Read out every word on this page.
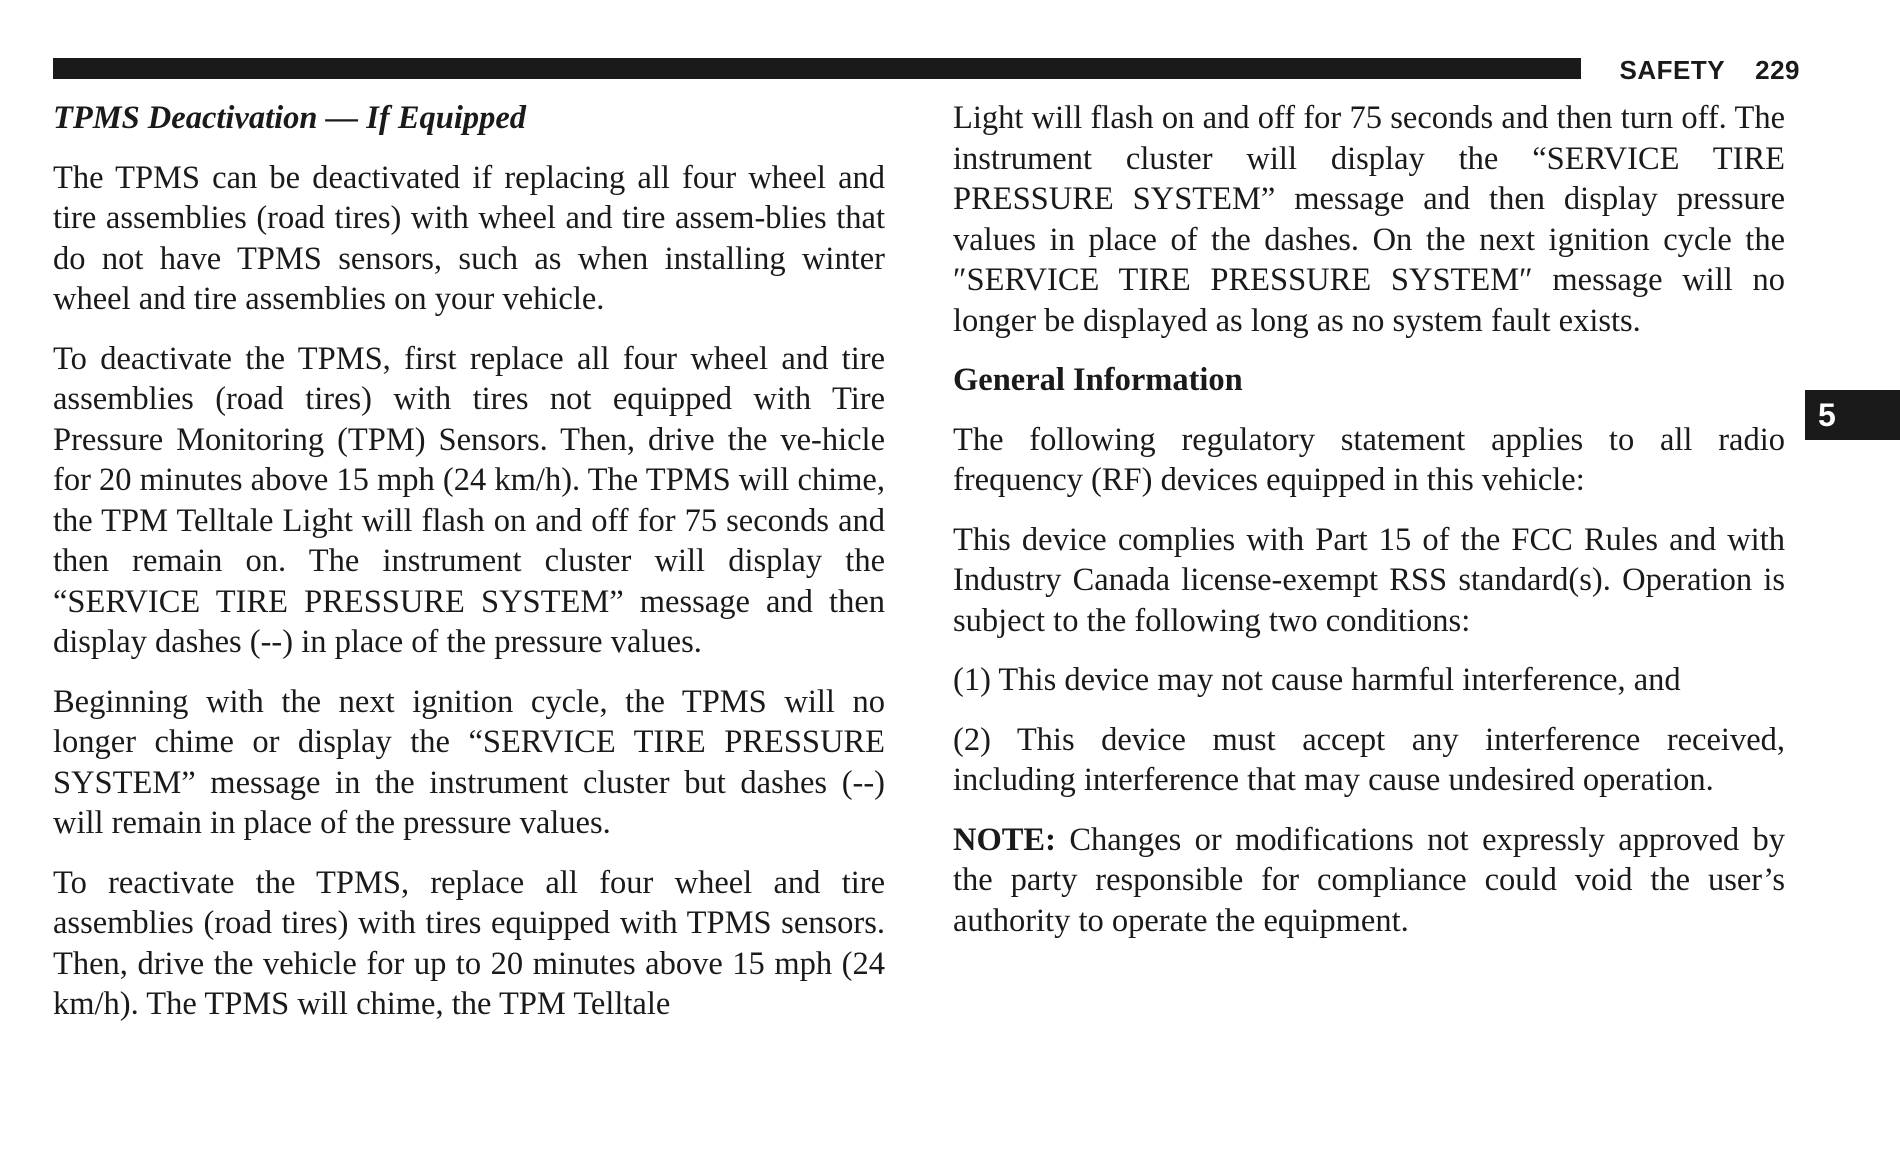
SAFETY 229
TPMS Deactivation — If Equipped

The TPMS can be deactivated if replacing all four wheel and tire assemblies (road tires) with wheel and tire assem-blies that do not have TPMS sensors, such as when installing winter wheel and tire assemblies on your vehicle.

To deactivate the TPMS, first replace all four wheel and tire assemblies (road tires) with tires not equipped with Tire Pressure Monitoring (TPM) Sensors. Then, drive the ve-hicle for 20 minutes above 15 mph (24 km/h). The TPMS will chime, the TPM Telltale Light will flash on and off for 75 seconds and then remain on. The instrument cluster will display the “SERVICE TIRE PRESSURE SYSTEM” message and then display dashes (--) in place of the pressure values.

Beginning with the next ignition cycle, the TPMS will no longer chime or display the “SERVICE TIRE PRESSURE SYSTEM” message in the instrument cluster but dashes (--) will remain in place of the pressure values.

To reactivate the TPMS, replace all four wheel and tire assemblies (road tires) with tires equipped with TPMS sensors. Then, drive the vehicle for up to 20 minutes above 15 mph (24 km/h). The TPMS will chime, the TPM Telltale

Light will flash on and off for 75 seconds and then turn off. The instrument cluster will display the “SERVICE TIRE PRESSURE SYSTEM” message and then display pressure values in place of the dashes. On the next ignition cycle the ″SERVICE TIRE PRESSURE SYSTEM″ message will no longer be displayed as long as no system fault exists.

General Information

The following regulatory statement applies to all radio frequency (RF) devices equipped in this vehicle:

This device complies with Part 15 of the FCC Rules and with Industry Canada license-exempt RSS standard(s). Operation is subject to the following two conditions:

(1) This device may not cause harmful interference, and

(2) This device must accept any interference received, including interference that may cause undesired operation.

NOTE: Changes or modifications not expressly approved by the party responsible for compliance could void the user’s authority to operate the equipment.

5
